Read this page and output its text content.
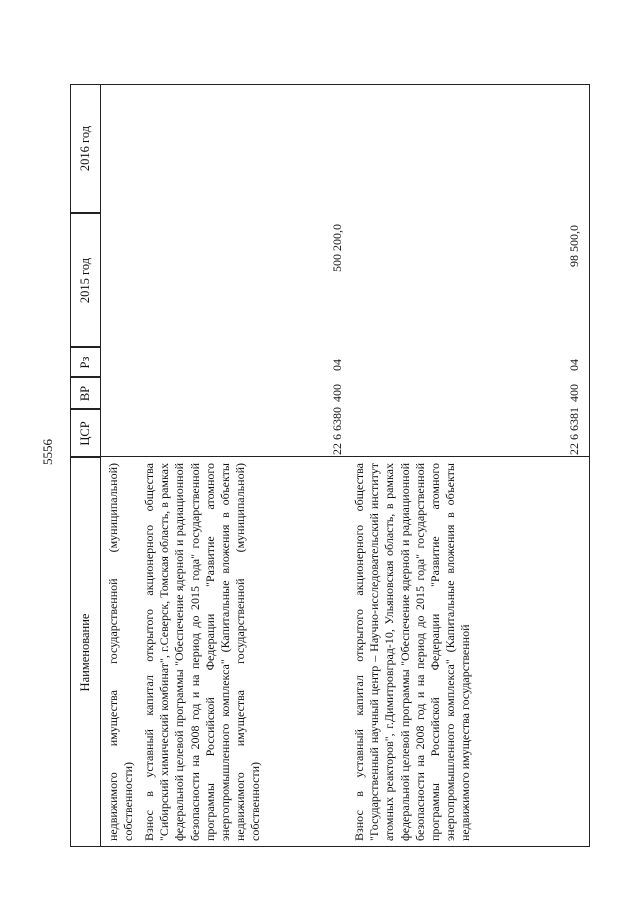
5556
Наименование
ЦСР
ВР
Рз
2015 год
2016 год

недвижимого имущества государственной (муниципальной) собственности) Взнос в уставный капитал открытого акционерного общества "Сибирский химический комбинат", г.Северск, Томская область, в рамках федеральной целевой программы "Обеспечение ядерной и радиационной безопасности на 2008 год и на период до 2015 года" государственной программы Российской Федерации "Развитие атомного энергопромышленного комплекса" (Капитальные вложения в объекты недвижимого имущества государственной (муниципальной) собственности)

22 6 6380
400
04
500 200,0

Взнос в уставный капитал открытого акционерного общества "Государственный научный центр – Научно-исследовательский институт атомных реакторов", г.Димитровград-10, Ульяновская область, в рамках федеральной целевой программы "Обеспечение ядерной и радиационной безопасности на 2008 год и на период до 2015 года" государственной программы Российской Федерации "Развитие атомного энергопромышленного комплекса" (Капитальные вложения в объекты недвижимого имущества государственной

22 6 6381
400
04
98 500,0
